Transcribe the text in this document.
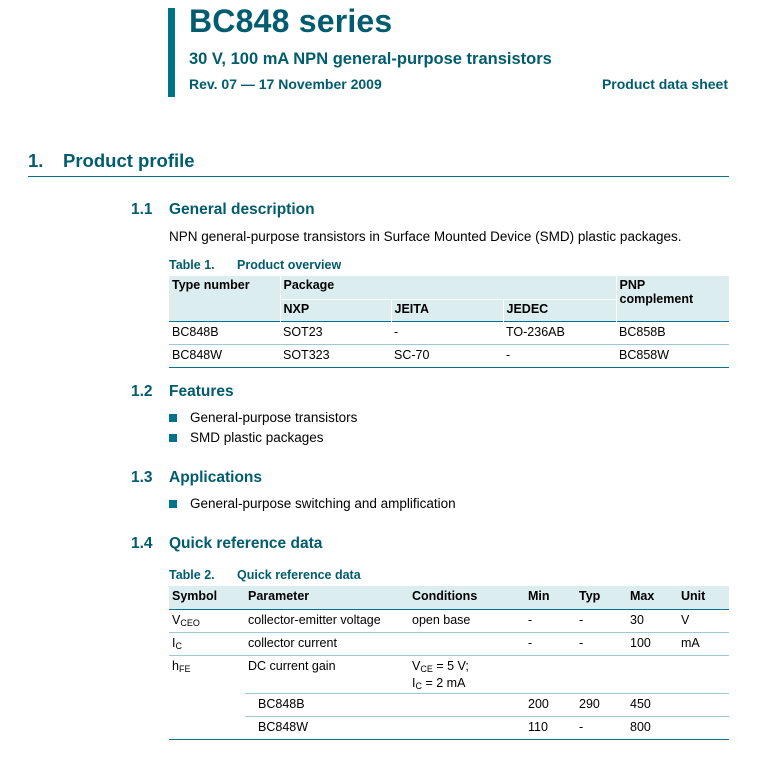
BC848 series
30 V, 100 mA NPN general-purpose transistors
Rev. 07 — 17 November 2009	Product data sheet
1. Product profile
1.1 General description
NPN general-purpose transistors in Surface Mounted Device (SMD) plastic packages.
Table 1. Product overview
Type number	Package			PNP
complement
	NXP	JEITA	JEDEC	
BC848B	SOT23	-	TO-236AB	BC858B
BC848W	SOT323	SC-70	-	BC858W
1.2 Features
General-purpose transistors
SMD plastic packages
1.3 Applications
General-purpose switching and amplification
1.4 Quick reference data
Table 2. Quick reference data
Symbol	Parameter	Conditions	Min	Typ	Max	Unit
$V_{CEO}$	collector-emitter voltage	open base	-	-	30	V
$I_C$	collector current		-	-	100	mA
$h_{FE}$	DC current gain	$V_{CE} = 5$ V;
$I_C = 2$ mA				
	BC848B		200	290	450	
	BC848W		110	-	800	
